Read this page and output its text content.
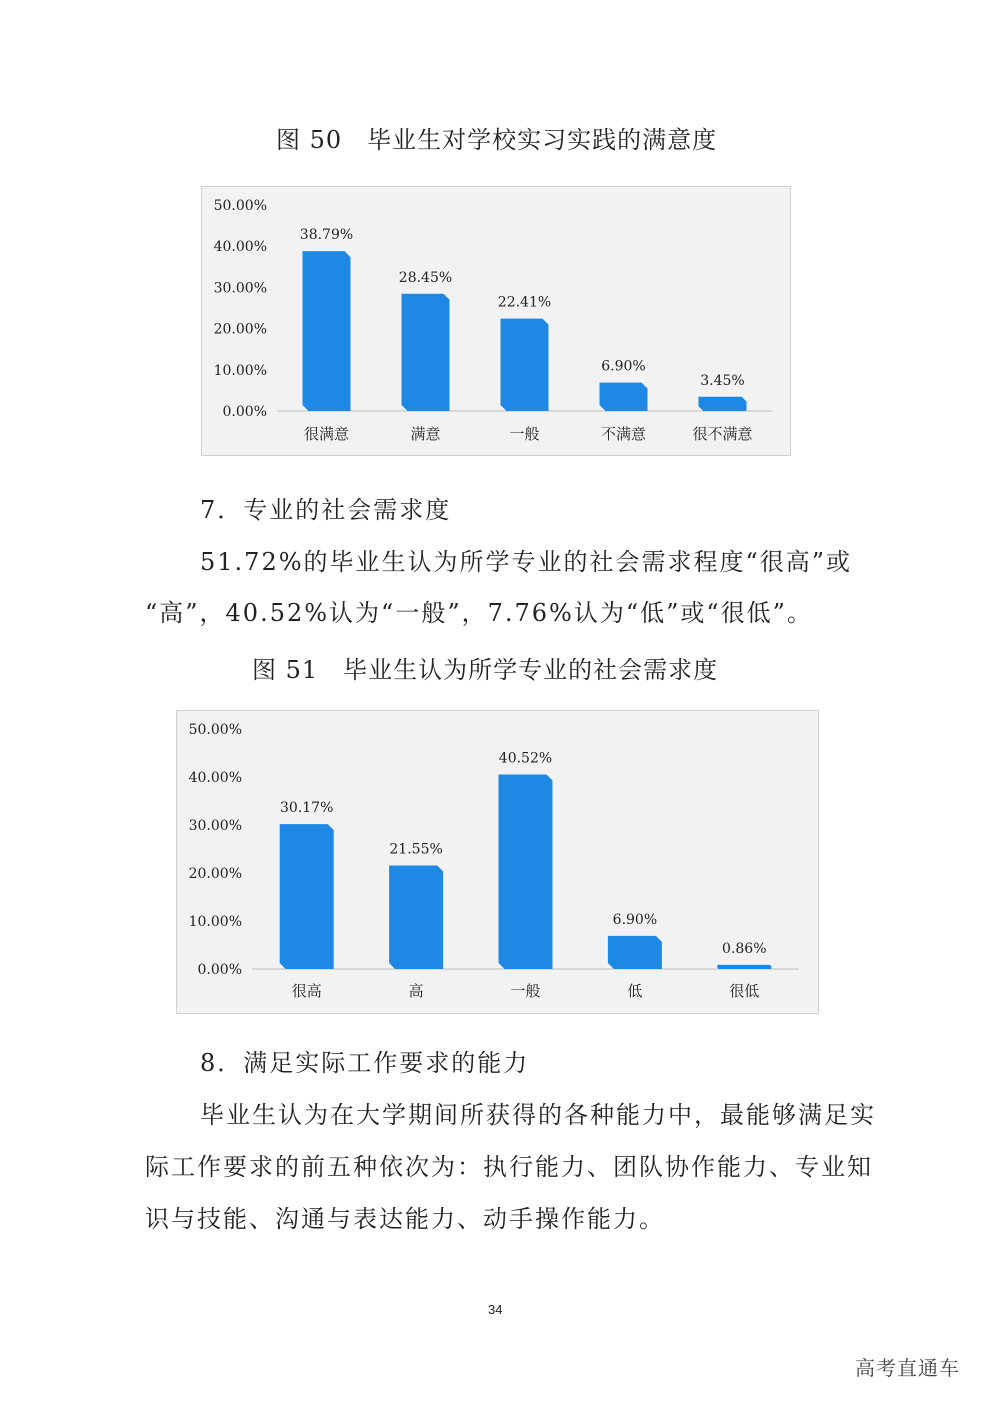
图 50　毕业生对学校实习实践的满意度
0.00%
10.00%
20.00%
30.00%
40.00%
50.00%
38.79%
很满意
28.45%
满意
22.41%
一般
6.90%
不满意
3.45%
很不满意
7．专业的社会需求度
51.72%的毕业生认为所学专业的社会需求程度“很高”或
“高”，40.52%认为“一般”，7.76%认为“低”或“很低”。
图 51　毕业生认为所学专业的社会需求度
0.00%
10.00%
20.00%
30.00%
40.00%
50.00%
30.17%
很高
21.55%
高
40.52%
一般
6.90%
低
0.86%
很低
8．满足实际工作要求的能力
毕业生认为在大学期间所获得的各种能力中，最能够满足实
际工作要求的前五种依次为：执行能力、团队协作能力、专业知
识与技能、沟通与表达能力、动手操作能力。
34
高考直通车
